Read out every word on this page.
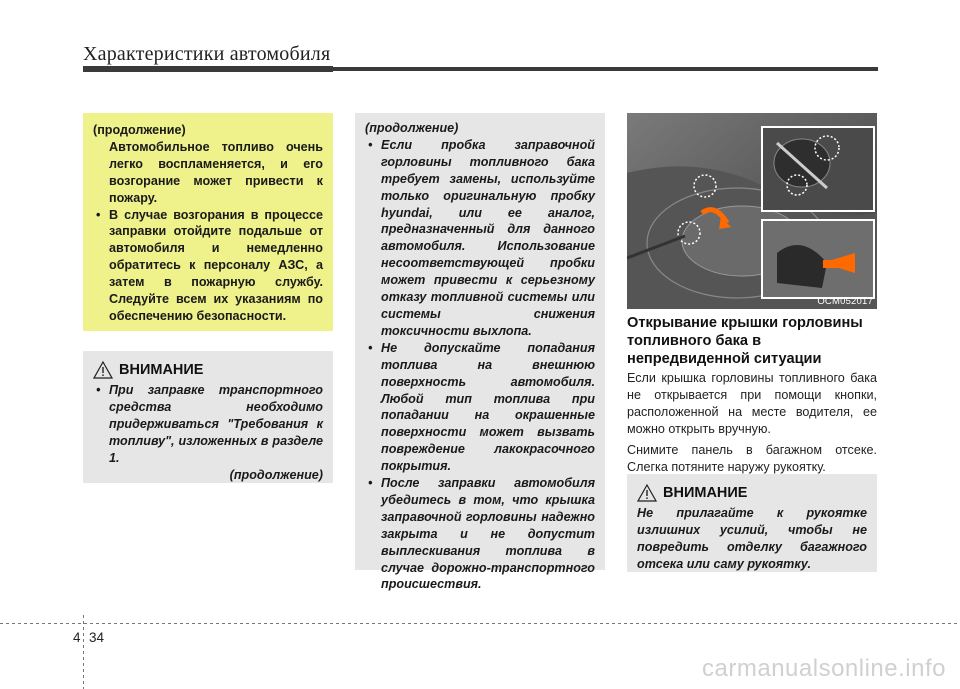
Характеристики автомобиля
(продолжение)
Автомобильное топливо очень легко воспламеняется, и его возгорание может привести к пожару.
• В случае возгорания в процессе заправки отойдите подальше от автомобиля и немедленно обратитесь к персоналу АЗС, а затем в пожарную службу. Следуйте всем их указаниям по обеспечению безопасности.
ВНИМАНИЕ
• При заправке транспортного средства необходимо придерживаться "Требования к топливу", изложенных в разделе 1.
(продолжение)
(продолжение)
• Если пробка заправочной горловины топливного бака требует замены, используйте только оригинальную пробку hyundai, или ее аналог, предназначенный для данного автомобиля. Использование несоответствующей пробки может привести к серьезному отказу топливной системы или системы снижения токсичности выхлопа.
• Не допускайте попадания топлива на внешнюю поверхность автомобиля. Любой тип топлива при попадании на окрашенные поверхности может вызвать повреждение лакокрасочного покрытия.
• После заправки автомобиля убедитесь в том, что крышка заправочной горловины надежно закрыта и не допустит выплескивания топлива в случае дорожно-транспортного происшествия.
OCM052017
Открывание крышки горловины топливного бака в непредвиденной ситуации

Если крышка горловины топливного бака не открывается при помощи кнопки, расположенной на месте водителя, ее можно открыть вручную.

Снимите панель в багажном отсеке. Слегка потяните наружу рукоятку.

ВНИМАНИЕ
Не прилагайте к рукоятке излишних усилий, чтобы не повредить отделку багажного отсека или саму рукоятку.
4 34
carmanualsonline.info
